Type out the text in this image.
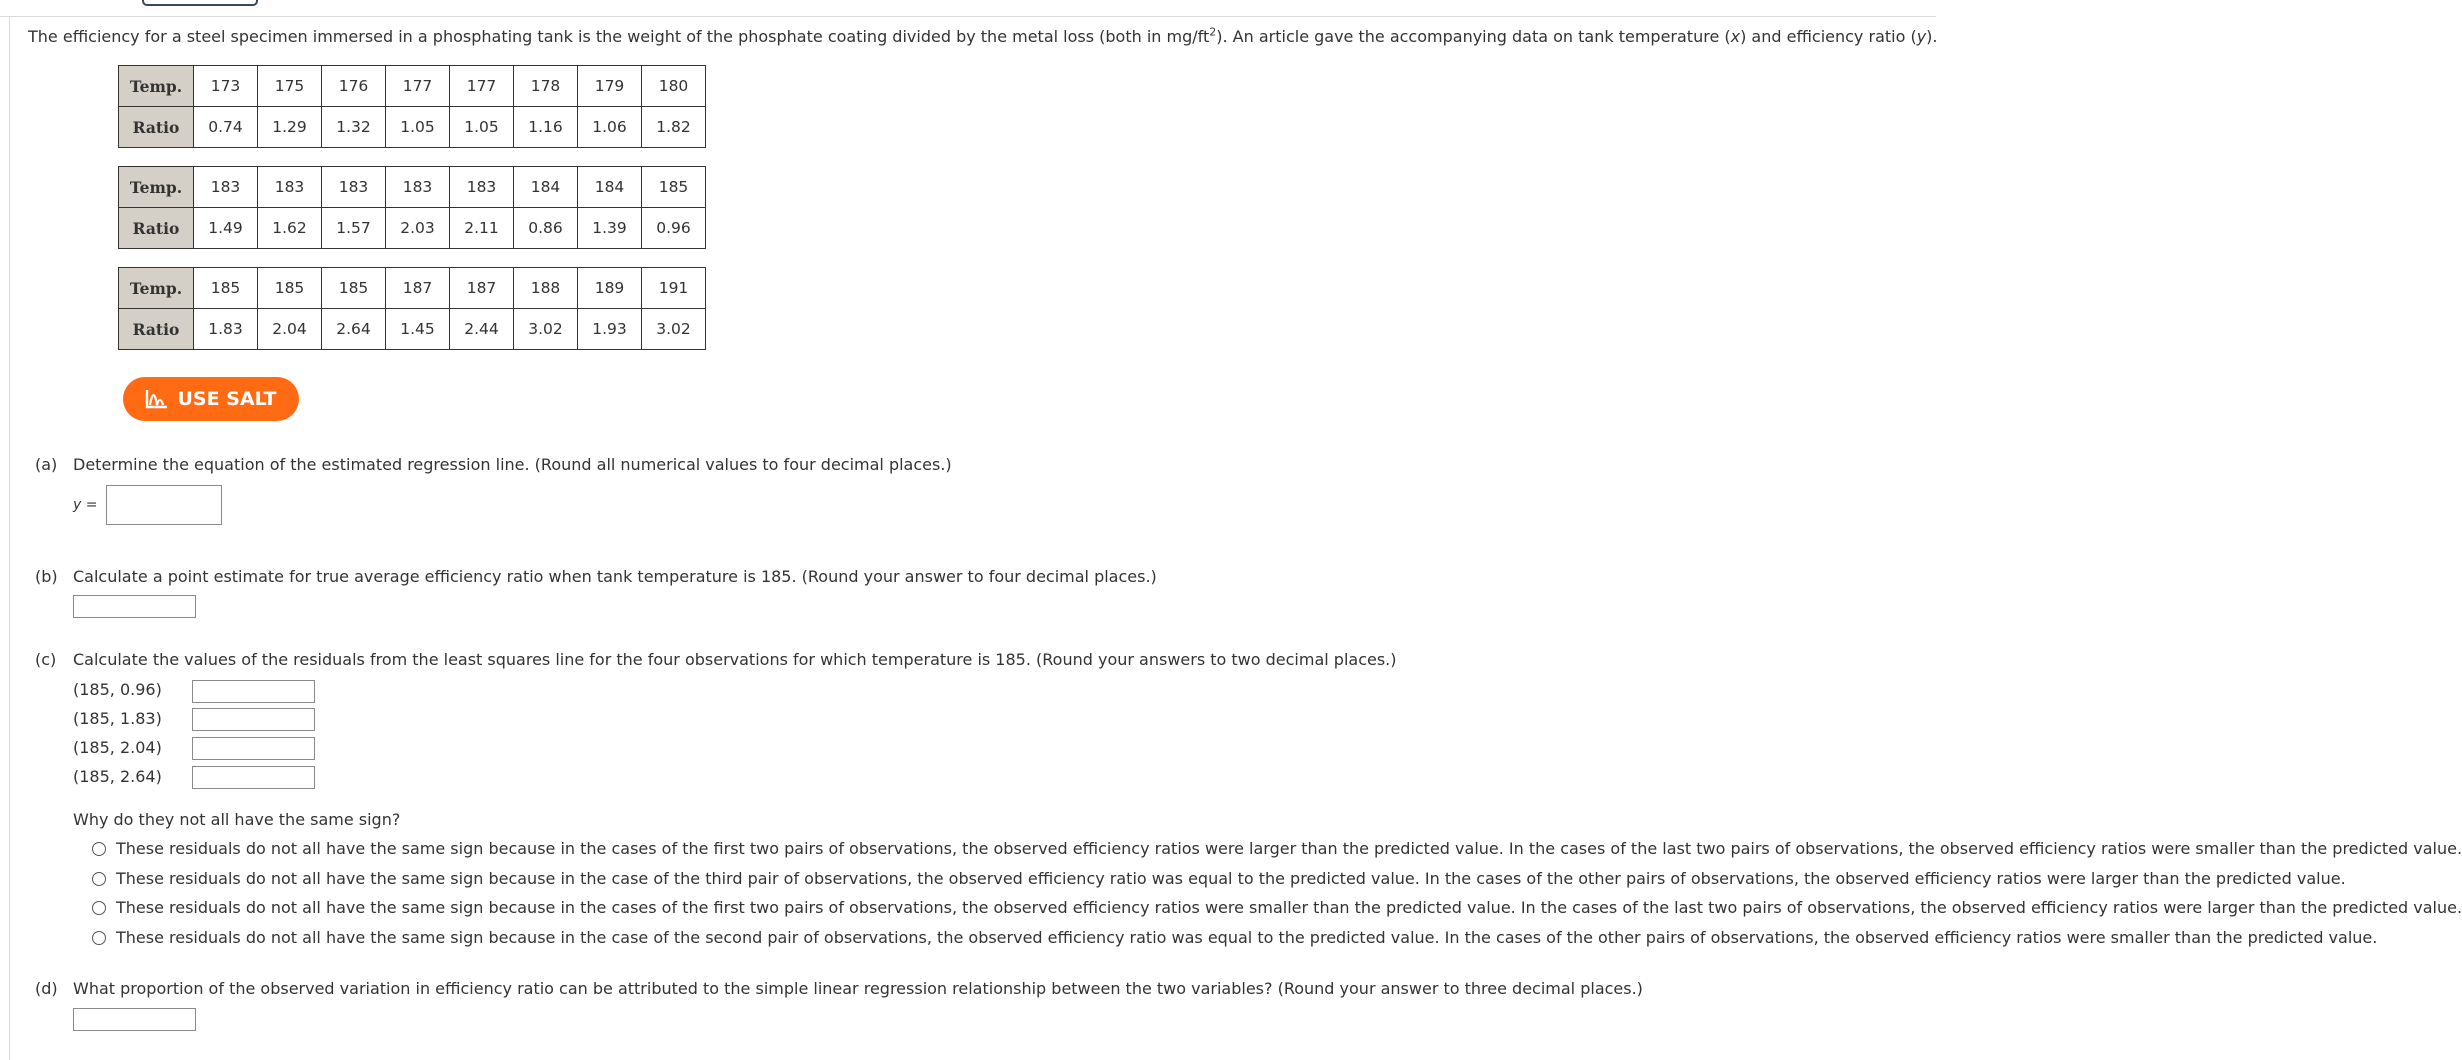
The efficiency for a steel specimen immersed in a phosphating tank is the weight of the phosphate coating divided by the metal loss (both in $mg/ft^2$). An article gave the accompanying data on tank temperature (x) and efficiency ratio (y).
Temp.	173	175	176	177	177	178	179	180
Ratio	0.74	1.29	1.32	1.05	1.05	1.16	1.06	1.82
Temp.	183	183	183	183	183	184	184	185
Ratio	1.49	1.62	1.57	2.03	2.11	0.86	1.39	0.96
Temp.	185	185	185	187	187	188	189	191
Ratio	1.83	2.04	2.64	1.45	2.44	3.02	1.93	3.02
USE SALT
(a) Determine the equation of the estimated regression line. (Round all numerical values to four decimal places.)
y =
(b) Calculate a point estimate for true average efficiency ratio when tank temperature is 185. (Round your answer to four decimal places.)
(c) Calculate the values of the residuals from the least squares line for the four observations for which temperature is 185. (Round your answers to two decimal places.)
(185, 0.96)
(185, 1.83)
(185, 2.04)
(185, 2.64)
Why do they not all have the same sign?
These residuals do not all have the same sign because in the cases of the first two pairs of observations, the observed efficiency ratios were larger than the predicted value. In the cases of the last two pairs of observations, the observed efficiency ratios were smaller than the predicted value.
These residuals do not all have the same sign because in the case of the third pair of observations, the observed efficiency ratio was equal to the predicted value. In the cases of the other pairs of observations, the observed efficiency ratios were larger than the predicted value.
These residuals do not all have the same sign because in the cases of the first two pairs of observations, the observed efficiency ratios were smaller than the predicted value. In the cases of the last two pairs of observations, the observed efficiency ratios were larger than the predicted value.
These residuals do not all have the same sign because in the case of the second pair of observations, the observed efficiency ratio was equal to the predicted value. In the cases of the other pairs of observations, the observed efficiency ratios were smaller than the predicted value.
(d) What proportion of the observed variation in efficiency ratio can be attributed to the simple linear regression relationship between the two variables? (Round your answer to three decimal places.)
